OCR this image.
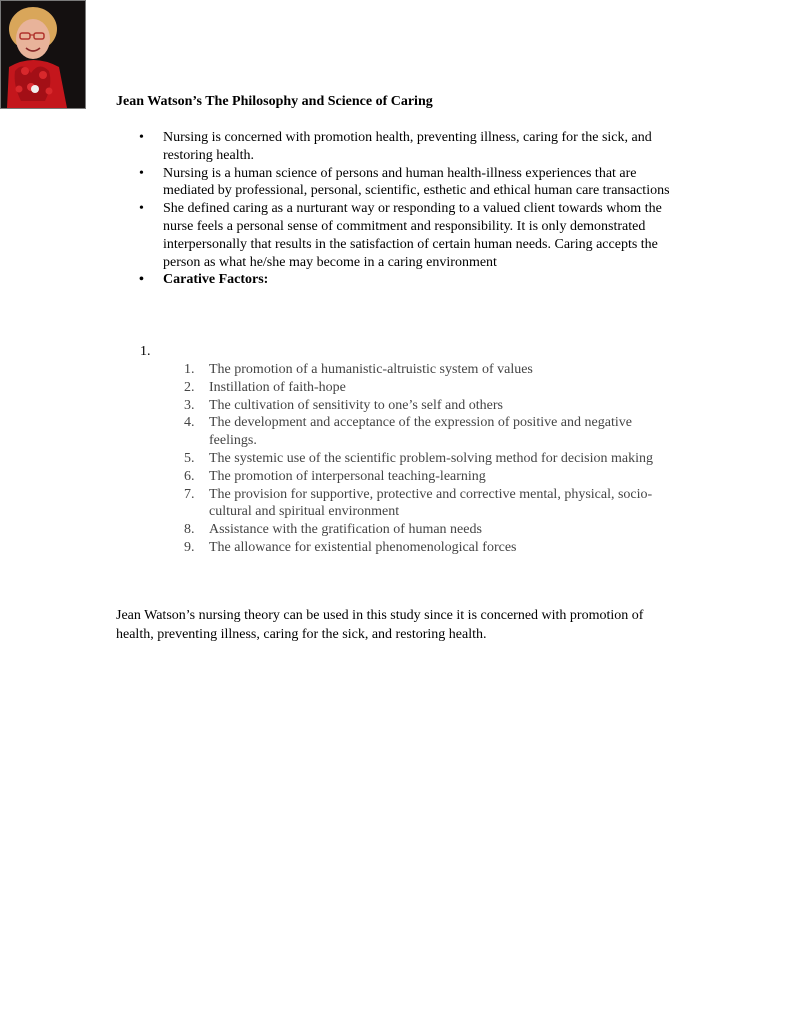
Jean Watson’s The Philosophy and Science of Caring
• Nursing is concerned with promotion health, preventing illness, caring for the sick, and restoring health.
• Nursing is a human science of persons and human health-illness experiences that are mediated by professional, personal, scientific, esthetic and ethical human care transactions
• She defined caring as a nurturant way or responding to a valued client towards whom the nurse feels a personal sense of commitment and responsibility. It is only demonstrated interpersonally that results in the satisfaction of certain human needs. Caring accepts the person as what he/she may become in a caring environment
• Carative Factors:
1.
1. The promotion of a humanistic-altruistic system of values
2. Instillation of faith-hope
3. The cultivation of sensitivity to one’s self and others
4. The development and acceptance of the expression of positive and negative feelings.
5. The systemic use of the scientific problem-solving method for decision making
6. The promotion of interpersonal teaching-learning
7. The provision for supportive, protective and corrective mental, physical, socio-cultural and spiritual environment
8. Assistance with the gratification of human needs
9. The allowance for existential phenomenological forces

Jean Watson’s nursing theory can be used in this study since it is concerned with promotion of health, preventing illness, caring for the sick, and restoring health.
